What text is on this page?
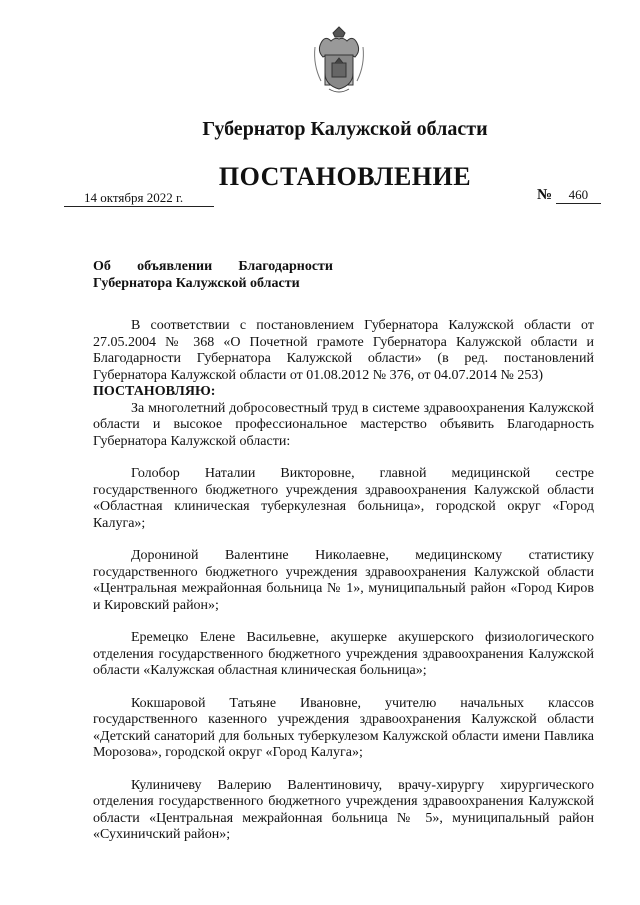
Губернатор Калужской области
ПОСТАНОВЛЕНИЕ
14 октября 2022 г.	№ 460
Об объявлении Благодарности
Губернатора Калужской области

В соответствии с постановлением Губернатора Калужской области от 27.05.2004 № 368 «О Почетной грамоте Губернатора Калужской области и Благодарности Губернатора Калужской области» (в ред. постановлений Губернатора Калужской области от 01.08.2012 № 376, от 04.07.2014 № 253)

ПОСТАНОВЛЯЮ:

За многолетний добросовестный труд в системе здравоохранения Калужской области и высокое профессиональное мастерство объявить Благодарность Губернатора Калужской области:

Голобор Наталии Викторовне, главной медицинской сестре государственного бюджетного учреждения здравоохранения Калужской области «Областная клиническая туберкулезная больница», городской округ «Город Калуга»;

Дорониной Валентине Николаевне, медицинскому статистику государственного бюджетного учреждения здравоохранения Калужской области «Центральная межрайонная больница № 1», муниципальный район «Город Киров и Кировский район»;

Еремецко Елене Васильевне, акушерке акушерского физиологического отделения государственного бюджетного учреждения здравоохранения Калужской области «Калужская областная клиническая больница»;

Кокшаровой Татьяне Ивановне, учителю начальных классов государственного казенного учреждения здравоохранения Калужской области «Детский санаторий для больных туберкулезом Калужской области имени Павлика Морозова», городской округ «Город Калуга»;

Кулиничеву Валерию Валентиновичу, врачу-хирургу хирургического отделения государственного бюджетного учреждения здравоохранения Калужской области «Центральная межрайонная больница № 5», муниципальный район «Сухиничский район»;
